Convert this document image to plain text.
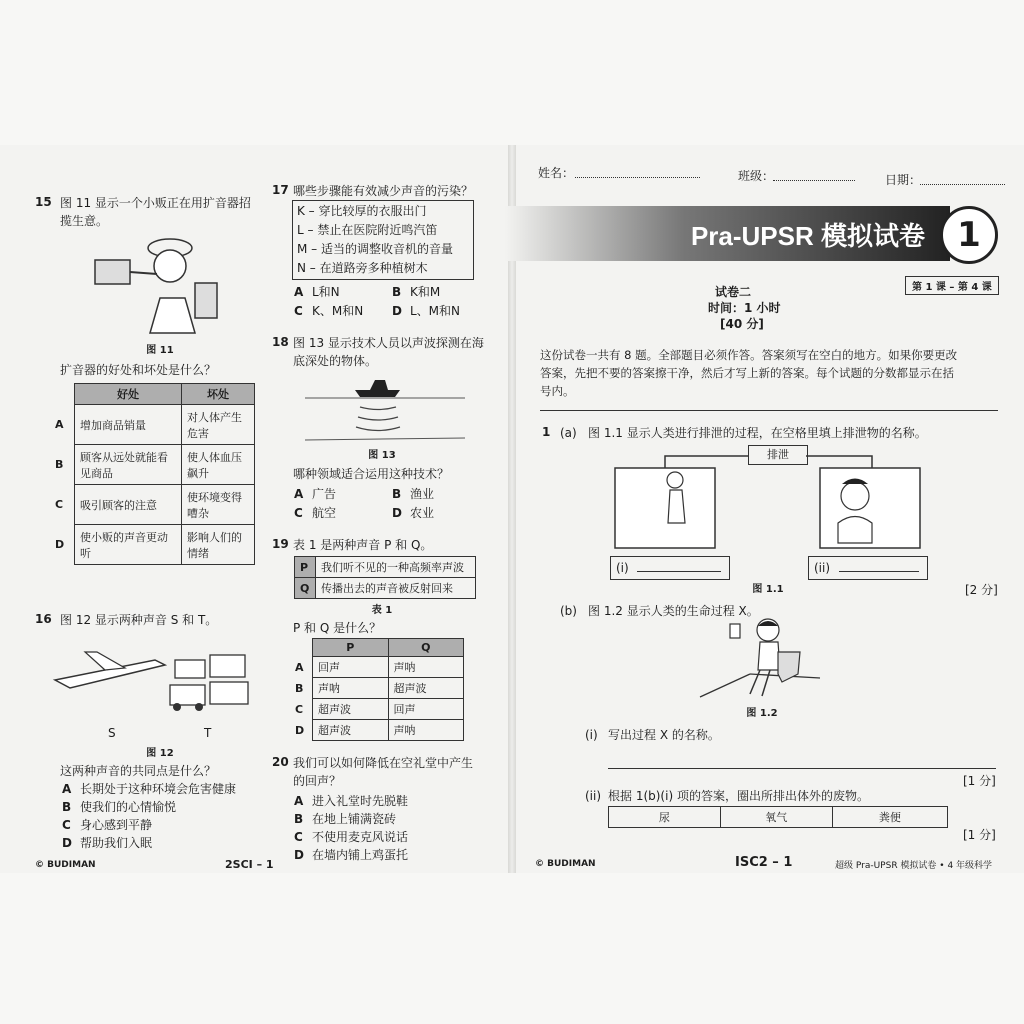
15 图 11 显示一个小贩正在用扩音器招
揽生意。
图 11
扩音器的好处和坏处是什么？
	好处	坏处
A	增加商品销量	对人体产生危害
B	顾客从远处就能看见商品	使人体血压飙升
C	吸引顾客的注意	使环境变得嘈杂
D	使小贩的声音更动听	影响人们的情绪
16 图 12 显示两种声音 S 和 T。
S	T
图 12
这两种声音的共同点是什么？
A 长期处于这种环境会危害健康
B 使我们的心情愉悦
C 身心感到平静
D 帮助我们入眠
17 哪些步骤能有效减少声音的污染？
K – 穿比较厚的衣服出门
L – 禁止在医院附近鸣汽笛
M – 适当的调整收音机的音量
N – 在道路旁多种植树木
A L和N	B K和M
C K、M和N D L、M和N
18 图 13 显示技术人员以声波探测在海
底深处的物体。
图 13
哪种领域适合运用这种技术？
A 广告	B 渔业
C 航空	D 农业
19 表 1 是两种声音 P 和 Q。
P	我们听不见的一种高频率声波
Q	传播出去的声音被反射回来
表 1
P 和 Q 是什么？
	P	Q
A	回声	声呐
B	声呐	超声波
C	超声波	回声
D	超声波	声呐
20 我们可以如何降低在空礼堂中产生
的回声？
A 进入礼堂时先脱鞋
B 在地上铺满瓷砖
C 不使用麦克风说话
D 在墙内铺上鸡蛋托
© BUDIMAN	2SCI – 1
姓名：	班级：	日期：
Pra-UPSR 模拟试卷 1
第 1 课 – 第 4 课
试卷二
时间：1 小时
[40 分]
这份试卷一共有 8 题。全部题目必须作答。答案须写在空白的地方。如果你要更改
答案，先把不要的答案擦干净，然后才写上新的答案。每个试题的分数都显示在括
号内。
1 (a) 图 1.1 显示人类进行排泄的过程，在空格里填上排泄物的名称。
排泄
(i)	(ii)
图 1.1	[2 分]
(b) 图 1.2 显示人类的生命过程 X。
图 1.2
(i) 写出过程 X 的名称。
[1 分]
(ii) 根据 1(b)(i) 项的答案，圈出所排出体外的废物。
尿	氧气	粪便
[1 分]
© BUDIMAN	ISC2 – 1	超级 Pra-UPSR 模拟试卷 • 4 年级科学
